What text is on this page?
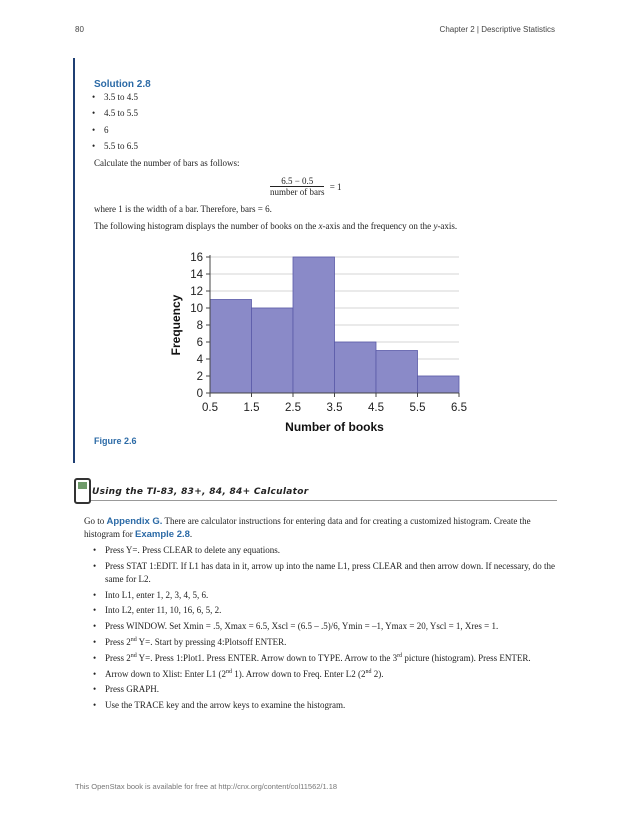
80	Chapter 2 | Descriptive Statistics
Solution 2.8
• 3.5 to 4.5
• 4.5 to 5.5
• 6
• 5.5 to 6.5
Calculate the number of bars as follows:
$\frac{6.5 - 0.5}{\text{number of bars}} = 1$
where 1 is the width of a bar. Therefore, bars = 6.
The following histogram displays the number of books on the x-axis and the frequency on the y-axis.
0
2
4
6
8
10
12
14
16
0.5 1.5 2.5 3.5 4.5 5.5 6.5
Number of books
Frequency
Figure 2.6
Using the TI-83, 83+, 84, 84+ Calculator
Go to Appendix G. There are calculator instructions for entering data and for creating a customized histogram. Create the histogram for Example 2.8.
• Press Y=. Press CLEAR to delete any equations.
• Press STAT 1:EDIT. If L1 has data in it, arrow up into the name L1, press CLEAR and then arrow down. If necessary, do the same for L2.
• Into L1, enter 1, 2, 3, 4, 5, 6.
• Into L2, enter 11, 10, 16, 6, 5, 2.
• Press WINDOW. Set Xmin = .5, Xmax = 6.5, Xscl = (6.5 – .5)/6, Ymin = –1, Ymax = 20, Yscl = 1, Xres = 1.
• Press 2nd Y=. Start by pressing 4:Plotsoff ENTER.
• Press 2nd Y=. Press 1:Plot1. Press ENTER. Arrow down to TYPE. Arrow to the 3rd picture (histogram). Press ENTER.
• Arrow down to Xlist: Enter L1 (2nd 1). Arrow down to Freq. Enter L2 (2nd 2).
• Press GRAPH.
• Use the TRACE key and the arrow keys to examine the histogram.
This OpenStax book is available for free at http://cnx.org/content/col11562/1.18
